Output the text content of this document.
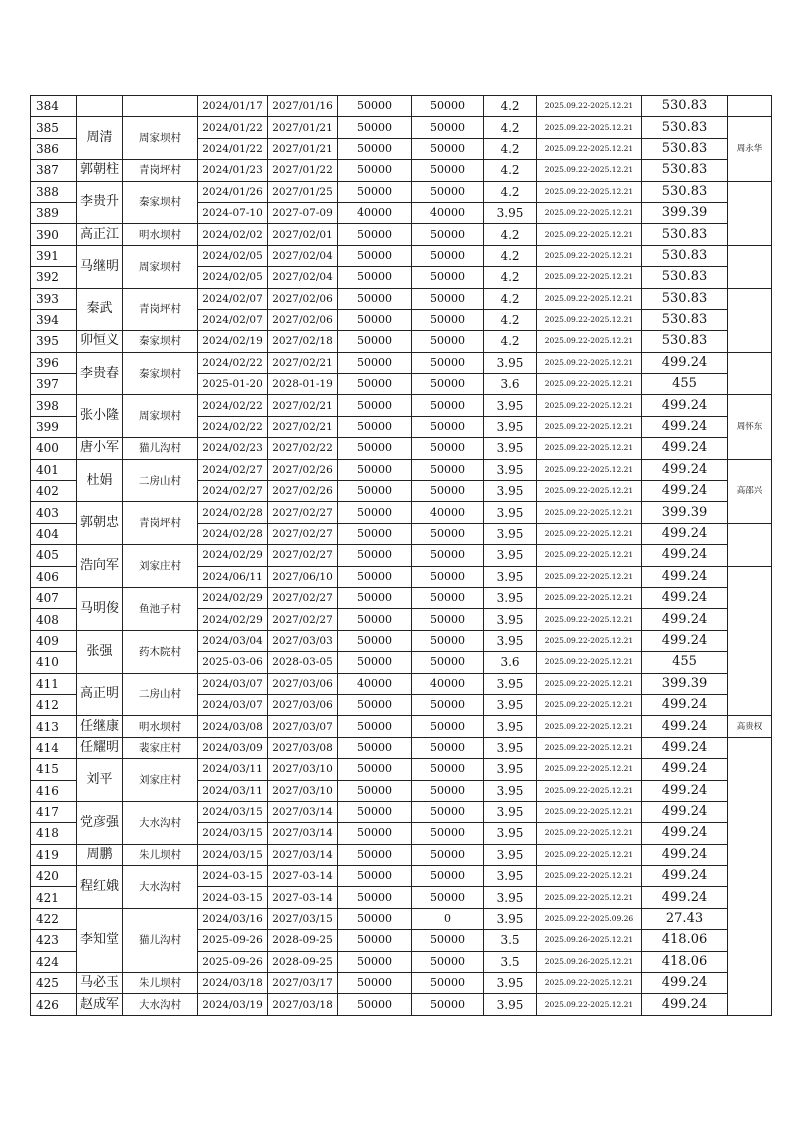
384			2024/01/17	2027/01/16	50000	50000	4.2	2025.09.22-2025.12.21	530.83		
385	周清	周家坝村	2024/01/22	2027/01/21	50000	50000	4.2	2025.09.22-2025.12.21	530.83	周永华	
386			2024/01/22	2027/01/21	50000	50000	4.2	2025.09.22-2025.12.21	530.83		
387	郭朝柱	青岗坪村	2024/01/23	2027/01/22	50000	50000	4.2	2025.09.22-2025.12.21	530.83	
388	李贵升	秦家坝村	2024/01/26	2027/01/25	50000	50000	4.2	2025.09.22-2025.12.21	530.83		
389			2024-07-10	2027-07-09	40000	40000	3.95	2025.09.22-2025.12.21	399.39		
390	高正江	明水坝村	2024/02/02	2027/02/01	50000	50000	4.2	2025.09.22-2025.12.21	530.83		
391	马继明	周家坝村	2024/02/05	2027/02/04	50000	50000	4.2	2025.09.22-2025.12.21	530.83		
392			2024/02/05	2027/02/04	50000	50000	4.2	2025.09.22-2025.12.21	530.83		
393	秦武	青岗坪村	2024/02/07	2027/02/06	50000	50000	4.2	2025.09.22-2025.12.21	530.83		
394			2024/02/07	2027/02/06	50000	50000	4.2	2025.09.22-2025.12.21	530.83		
395	卯恒义	秦家坝村	2024/02/19	2027/02/18	50000	50000	4.2	2025.09.22-2025.12.21	530.83		
396	李贵春	秦家坝村	2024/02/22	2027/02/21	50000	50000	3.95	2025.09.22-2025.12.21	499.24		
397			2025-01-20	2028-01-19	50000	50000	3.6	2025.09.22-2025.12.21	455		
398	张小隆	周家坝村	2024/02/22	2027/02/21	50000	50000	3.95	2025.09.22-2025.12.21	499.24	周怀东	
399			2024/02/22	2027/02/21	50000	50000	3.95	2025.09.22-2025.12.21	499.24		
400	唐小军	猫儿沟村	2024/02/23	2027/02/22	50000	50000	3.95	2025.09.22-2025.12.21	499.24		
401	杜娟	二房山村	2024/02/27	2027/02/26	50000	50000	3.95	2025.09.22-2025.12.21	499.24	高邵兴	
402			2024/02/27	2027/02/26	50000	50000	3.95	2025.09.22-2025.12.21	499.24		
403	郭朝忠	青岗坪村	2024/02/28	2027/02/27	50000	40000	3.95	2025.09.22-2025.12.21	399.39		
404			2024/02/28	2027/02/27	50000	50000	3.95	2025.09.22-2025.12.21	499.24		
405	浩向军	刘家庄村	2024/02/29	2027/02/27	50000	50000	3.95	2025.09.22-2025.12.21	499.24		
406			2024/06/11	2027/06/10	50000	50000	3.95	2025.09.22-2025.12.21	499.24		
407	马明俊	鱼池子村	2024/02/29	2027/02/27	50000	50000	3.95	2025.09.22-2025.12.21	499.24		
408			2024/02/29	2027/02/27	50000	50000	3.95	2025.09.22-2025.12.21	499.24		
409	张强	药木院村	2024/03/04	2027/03/03	50000	50000	3.95	2025.09.22-2025.12.21	499.24		
410			2025-03-06	2028-03-05	50000	50000	3.6	2025.09.22-2025.12.21	455		
411	高正明	二房山村	2024/03/07	2027/03/06	40000	40000	3.95	2025.09.22-2025.12.21	399.39		
412			2024/03/07	2027/03/06	50000	50000	3.95	2025.09.22-2025.12.21	499.24		
413	任继康	明水坝村	2024/03/08	2027/03/07	50000	50000	3.95	2025.09.22-2025.12.21	499.24	高贵权	
414	任耀明	裴家庄村	2024/03/09	2027/03/08	50000	50000	3.95	2025.09.22-2025.12.21	499.24		
415	刘平	刘家庄村	2024/03/11	2027/03/10	50000	50000	3.95	2025.09.22-2025.12.21	499.24		
416			2024/03/11	2027/03/10	50000	50000	3.95	2025.09.22-2025.12.21	499.24		
417	党彦强	大水沟村	2024/03/15	2027/03/14	50000	50000	3.95	2025.09.22-2025.12.21	499.24		
418			2024/03/15	2027/03/14	50000	50000	3.95	2025.09.22-2025.12.21	499.24		
419	周鹏	朱儿坝村	2024/03/15	2027/03/14	50000	50000	3.95	2025.09.22-2025.12.21	499.24		
420	程红娥	大水沟村	2024-03-15	2027-03-14	50000	50000	3.95	2025.09.22-2025.12.21	499.24		
421			2024-03-15	2027-03-14	50000	50000	3.95	2025.09.22-2025.12.21	499.24		
422	李知堂	猫儿沟村	2024/03/16	2027/03/15	50000	0	3.95	2025.09.22-2025.09.26	27.43		
423			2025-09-26	2028-09-25	50000	50000	3.5	2025.09.26-2025.12.21	418.06		
424			2025-09-26	2028-09-25	50000	50000	3.5	2025.09.26-2025.12.21	418.06		
425	马必玉	朱儿坝村	2024/03/18	2027/03/17	50000	50000	3.95	2025.09.22-2025.12.21	499.24		
426	赵成军	大水沟村	2024/03/19	2027/03/18	50000	50000	3.95	2025.09.22-2025.12.21	499.24		
